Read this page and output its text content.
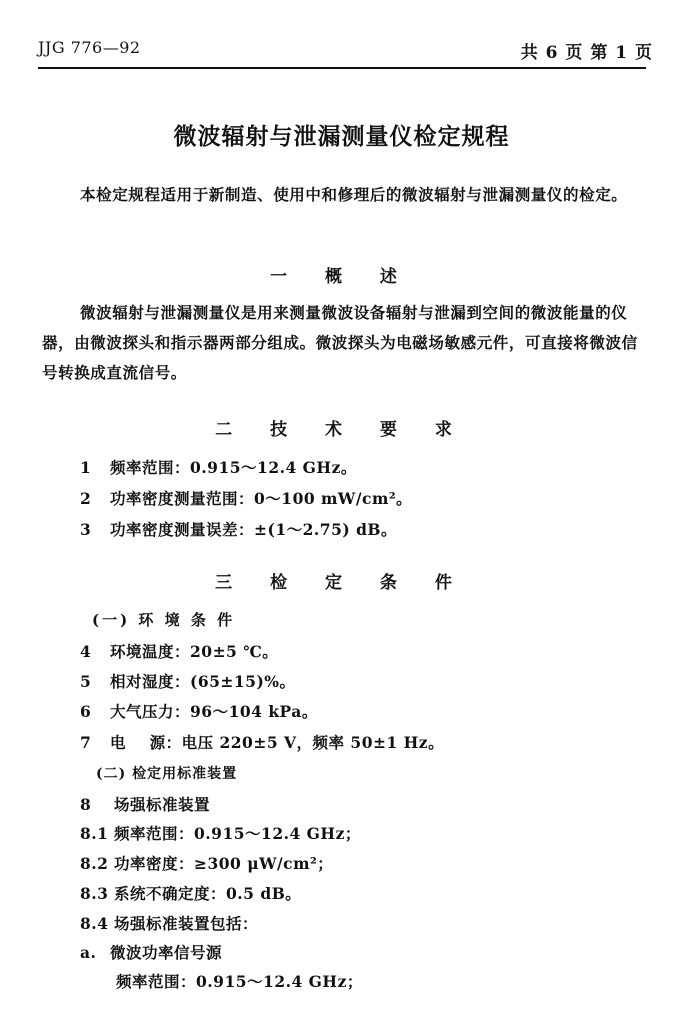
JJG 776—92	共 6 页 第 1 页
微波辐射与泄漏测量仪检定规程
本检定规程适用于新制造、使用中和修理后的微波辐射与泄漏测量仪的检定。
一 概 述
微波辐射与泄漏测量仪是用来测量微波设备辐射与泄漏到空间的微波能量的仪器，由微波探头和指示器两部分组成。微波探头为电磁场敏感元件，可直接将微波信号转换成直流信号。
二 技 术 要 求
1 频率范围：0.915～12.4 GHz。
2 功率密度测量范围：0～100 mW/cm²。
3 功率密度测量误差：±(1～2.75) dB。
三 检 定 条 件
(一) 环 境 条 件
4 环境温度：20±5 ℃。
5 相对湿度：(65±15)%。
6 大气压力：96～104 kPa。
7 电    源：电压 220±5 V，频率 50±1 Hz。
(二) 检定用标准装置
8 场强标准装置
8.1 频率范围：0.915～12.4 GHz；
8.2 功率密度：≥300 μW/cm²；
8.3 系统不确定度：0.5 dB。
8.4 场强标准装置包括：
a. 微波功率信号源
频率范围：0.915～12.4 GHz；
